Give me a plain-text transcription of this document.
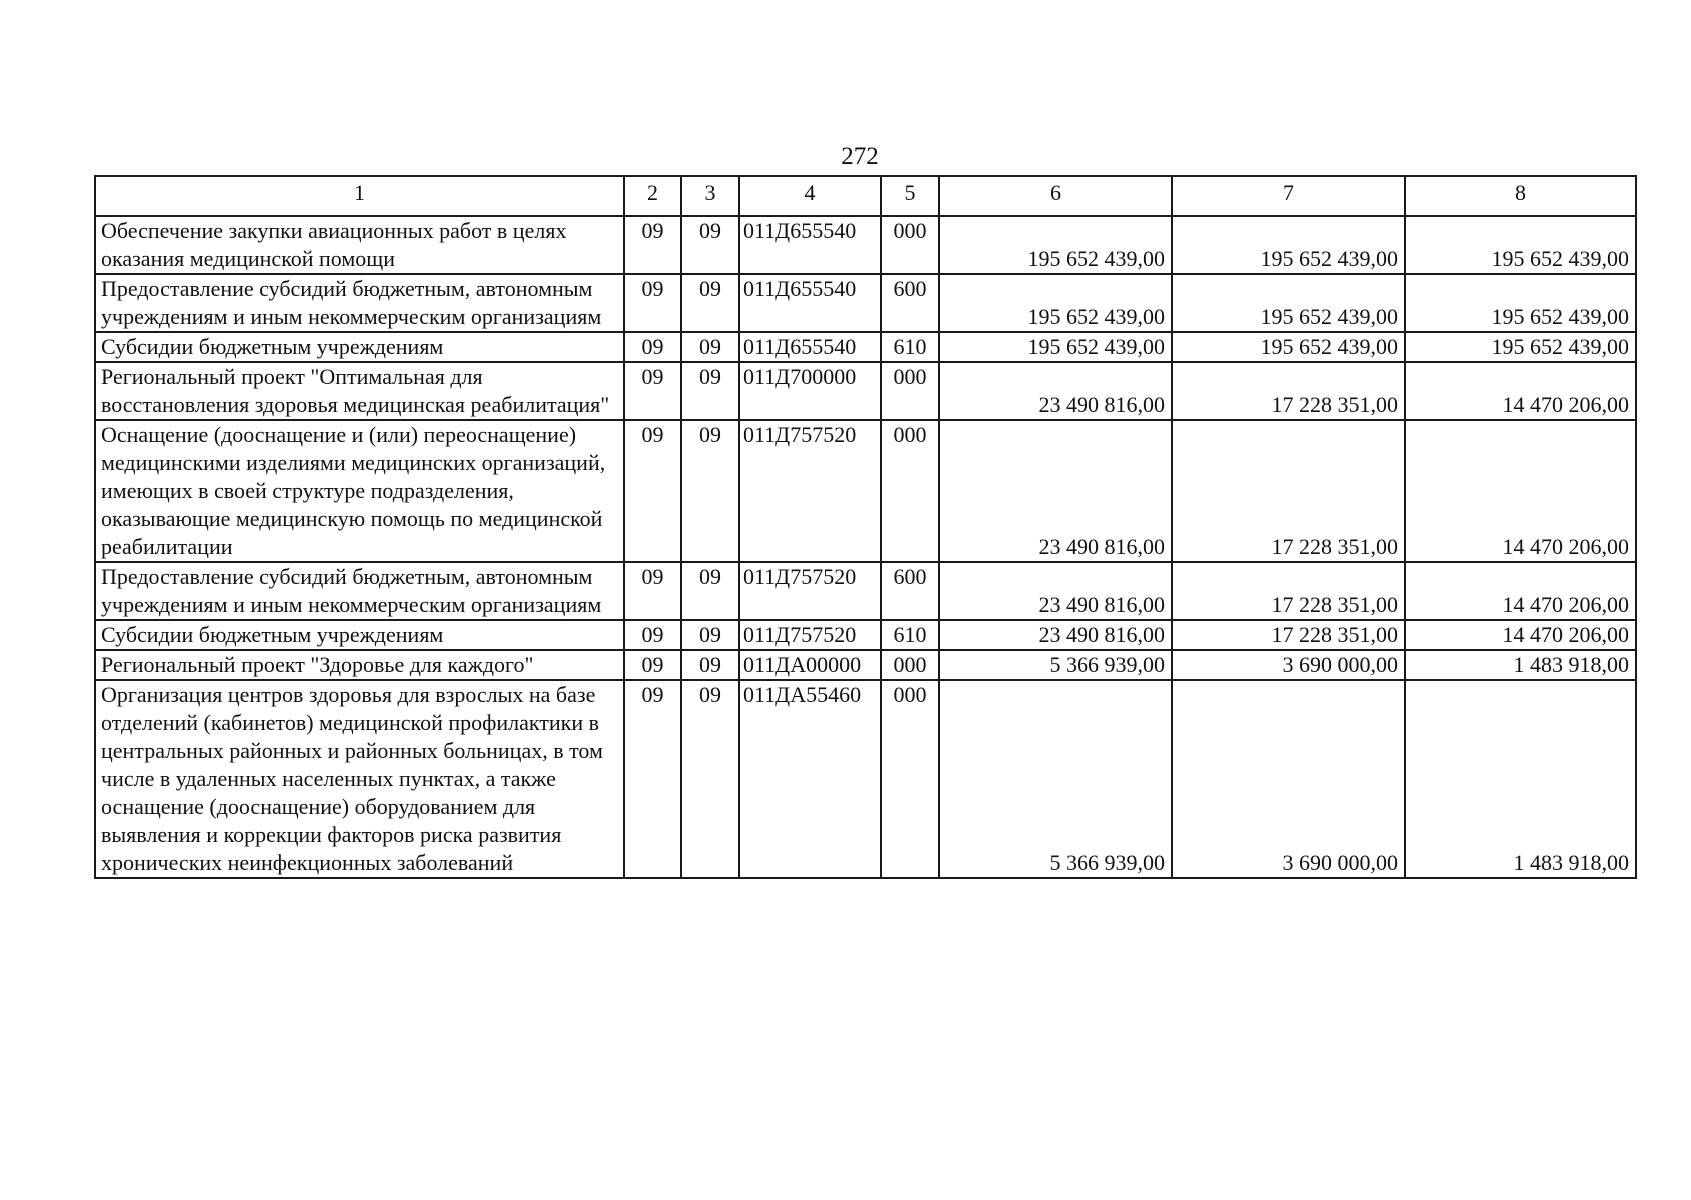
272
1	2	3	4	5	6	7	8
Обеспечение закупки авиационных работ в целях оказания медицинской помощи	09	09	011Д655540	000	195 652 439,00	195 652 439,00	195 652 439,00
Предоставление субсидий бюджетным, автономным учреждениям и иным некоммерческим организациям	09	09	011Д655540	600	195 652 439,00	195 652 439,00	195 652 439,00
Субсидии бюджетным учреждениям	09	09	011Д655540	610	195 652 439,00	195 652 439,00	195 652 439,00
Региональный проект "Оптимальная для восстановления здоровья медицинская реабилитация"	09	09	011Д700000	000	23 490 816,00	17 228 351,00	14 470 206,00
Оснащение (дооснащение и (или) переоснащение) медицинскими изделиями медицинских организаций, имеющих в своей структуре подразделения, оказывающие медицинскую помощь по медицинской реабилитации	09	09	011Д757520	000	23 490 816,00	17 228 351,00	14 470 206,00
Предоставление субсидий бюджетным, автономным учреждениям и иным некоммерческим организациям	09	09	011Д757520	600	23 490 816,00	17 228 351,00	14 470 206,00
Субсидии бюджетным учреждениям	09	09	011Д757520	610	23 490 816,00	17 228 351,00	14 470 206,00
Региональный проект "Здоровье для каждого"	09	09	011ДА00000	000	5 366 939,00	3 690 000,00	1 483 918,00
Организация центров здоровья для взрослых на базе отделений (кабинетов) медицинской профилактики в центральных районных и районных больницах, в том числе в удаленных населенных пунктах, а также оснащение (дооснащение) оборудованием для выявления и коррекции факторов риска развития хронических неинфекционных заболеваний	09	09	011ДА55460	000	5 366 939,00	3 690 000,00	1 483 918,00
